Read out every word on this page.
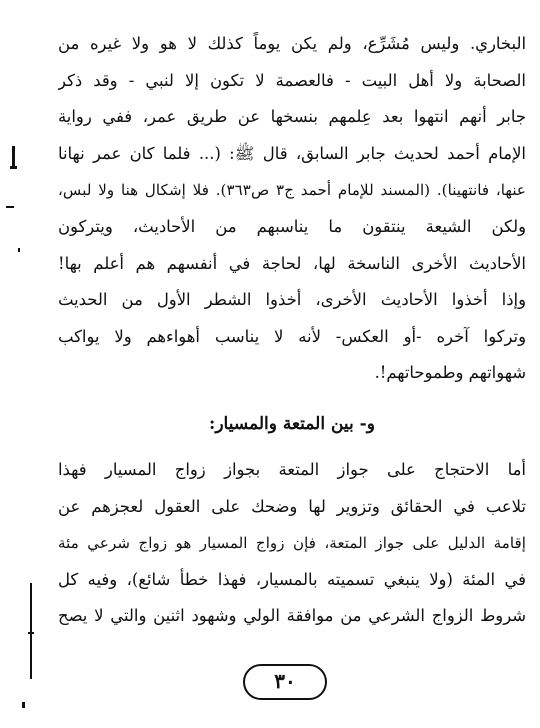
البخاري. وليس مُشَرِّع، ولم يكن يوماً كذلك لا هو ولا غيره من
الصحابة ولا أهل البيت - فالعصمة لا تكون إلا لنبي - وقد ذكر
جابر أنهم انتهوا بعد عِلمهم بنسخها عن طريق عمر، ففي رواية
الإمام أحمد لحديث جابر السابق، قال ﷺ: (... فلما كان عمر نهانا
عنها، فانتهينا). (المسند للإمام أحمد ج٣ ص٣٦٣). فلا إشكال هنا ولا لبس،
ولكن الشيعة ينتقون ما يناسبهم من الأحاديث، ويتركون
الأحاديث الأخرى الناسخة لها، لحاجة في أنفسهم هم أعلم بها!
وإذا أخذوا الأحاديث الأخرى، أخذوا الشطر الأول من الحديث
وتركوا آخره -أو العكس- لأنه لا يناسب أهواءهم ولا يواكب
شهواتهم وطموحاتهم!.
و- بين المتعة والمسيار:
أما الاحتجاج على جواز المتعة بجواز زواج المسيار فهذا
تلاعب في الحقائق وتزوير لها وضحك على العقول لعجزهم عن
إقامة الدليل على جواز المتعة، فإن زواج المسيار هو زواج شرعي مئة
في المئة (ولا ينبغي تسميته بالمسيار، فهذا خطأ شائع)، وفيه كل
شروط الزواج الشرعي من موافقة الولي وشهود اثنين والتي لا يصح
٣٠
